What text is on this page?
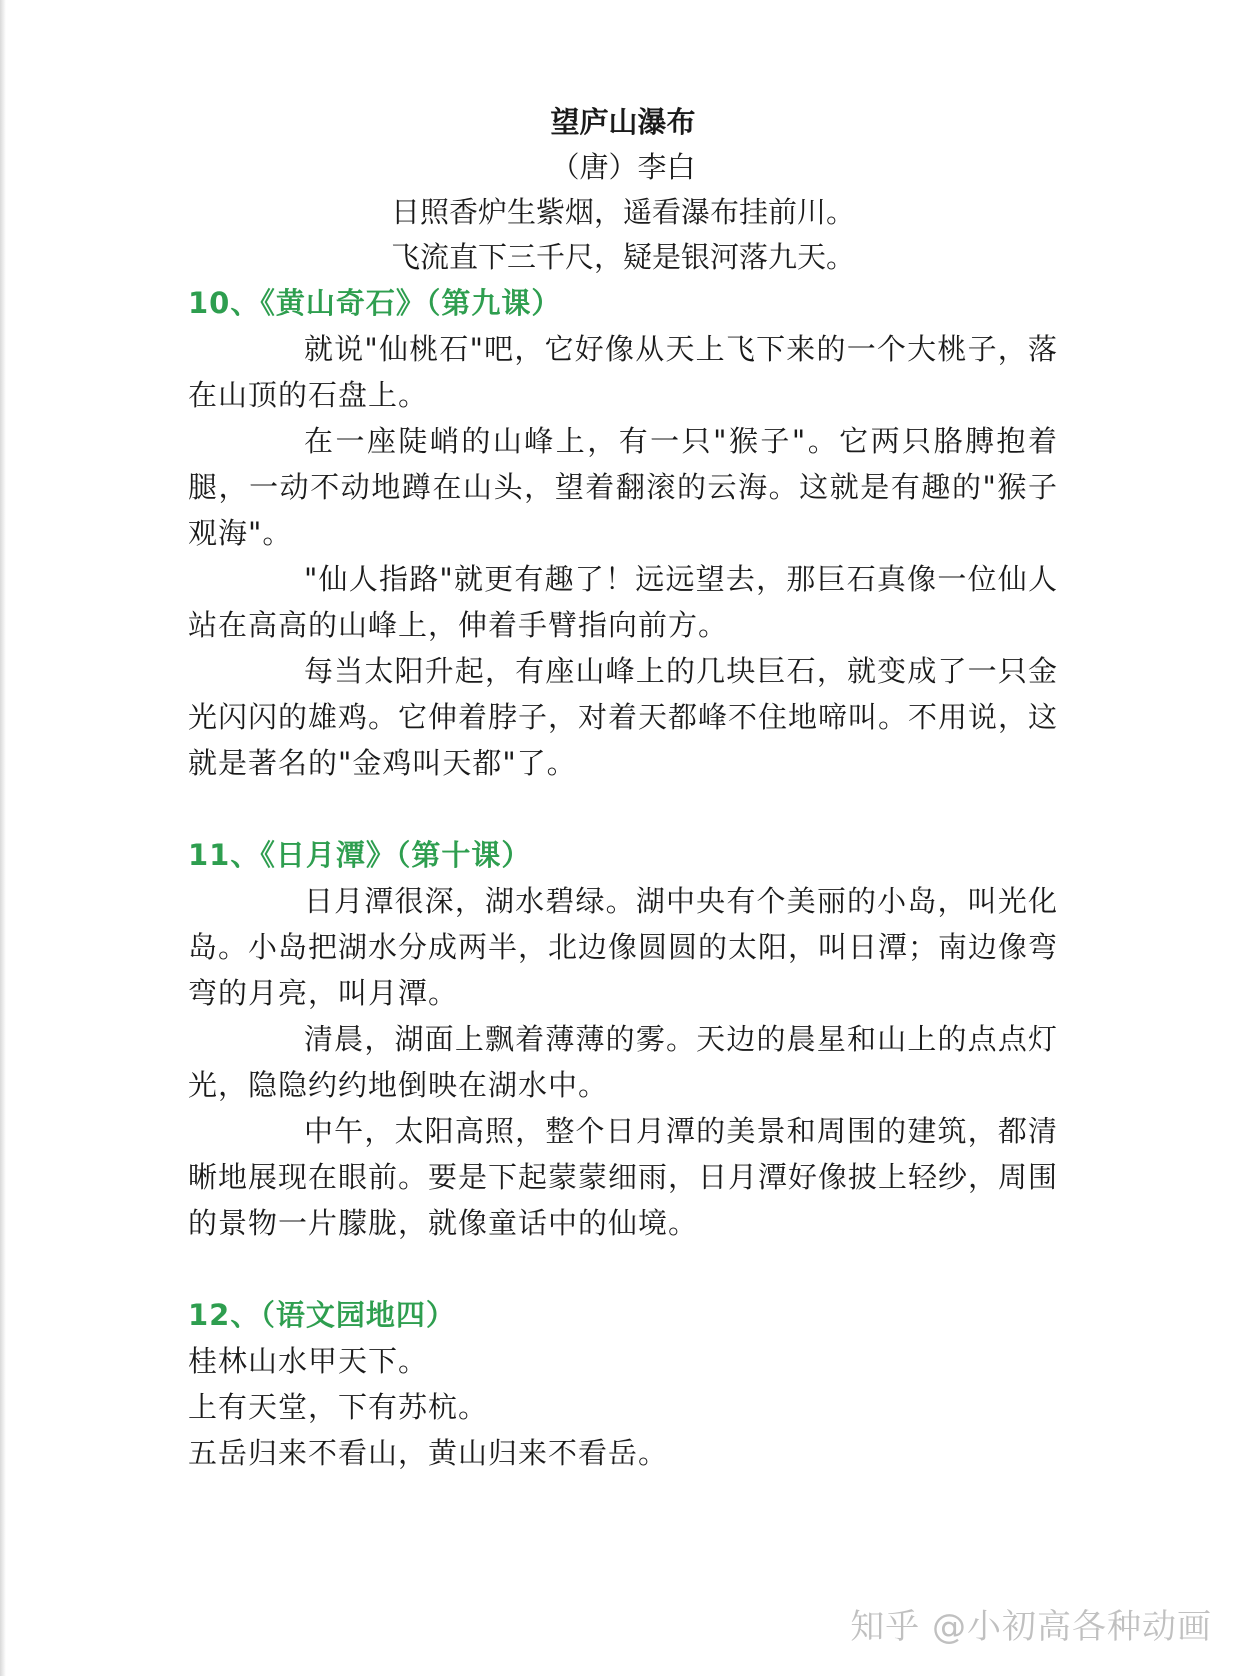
望庐山瀑布
（唐）李白
日照香炉生紫烟，遥看瀑布挂前川。
飞流直下三千尺，疑是银河落九天。
10、《黄山奇石》（第九课）
就说"仙桃石"吧，它好像从天上飞下来的一个大桃子，落在山顶的石盘上。
在一座陡峭的山峰上，有一只"猴子"。它两只胳膊抱着腿，一动不动地蹲在山头，望着翻滚的云海。这就是有趣的"猴子观海"。
"仙人指路"就更有趣了！远远望去，那巨石真像一位仙人站在高高的山峰上，伸着手臂指向前方。
每当太阳升起，有座山峰上的几块巨石，就变成了一只金光闪闪的雄鸡。它伸着脖子，对着天都峰不住地啼叫。不用说，这就是著名的"金鸡叫天都"了。
11、《日月潭》（第十课）
日月潭很深，湖水碧绿。湖中央有个美丽的小岛，叫光化岛。小岛把湖水分成两半，北边像圆圆的太阳，叫日潭；南边像弯弯的月亮，叫月潭。
清晨，湖面上飘着薄薄的雾。天边的晨星和山上的点点灯光，隐隐约约地倒映在湖水中。
中午，太阳高照，整个日月潭的美景和周围的建筑，都清晰地展现在眼前。要是下起蒙蒙细雨，日月潭好像披上轻纱，周围的景物一片朦胧，就像童话中的仙境。
12、（语文园地四）
桂林山水甲天下。
上有天堂，下有苏杭。
五岳归来不看山，黄山归来不看岳。
知乎 @小初高各种动画
